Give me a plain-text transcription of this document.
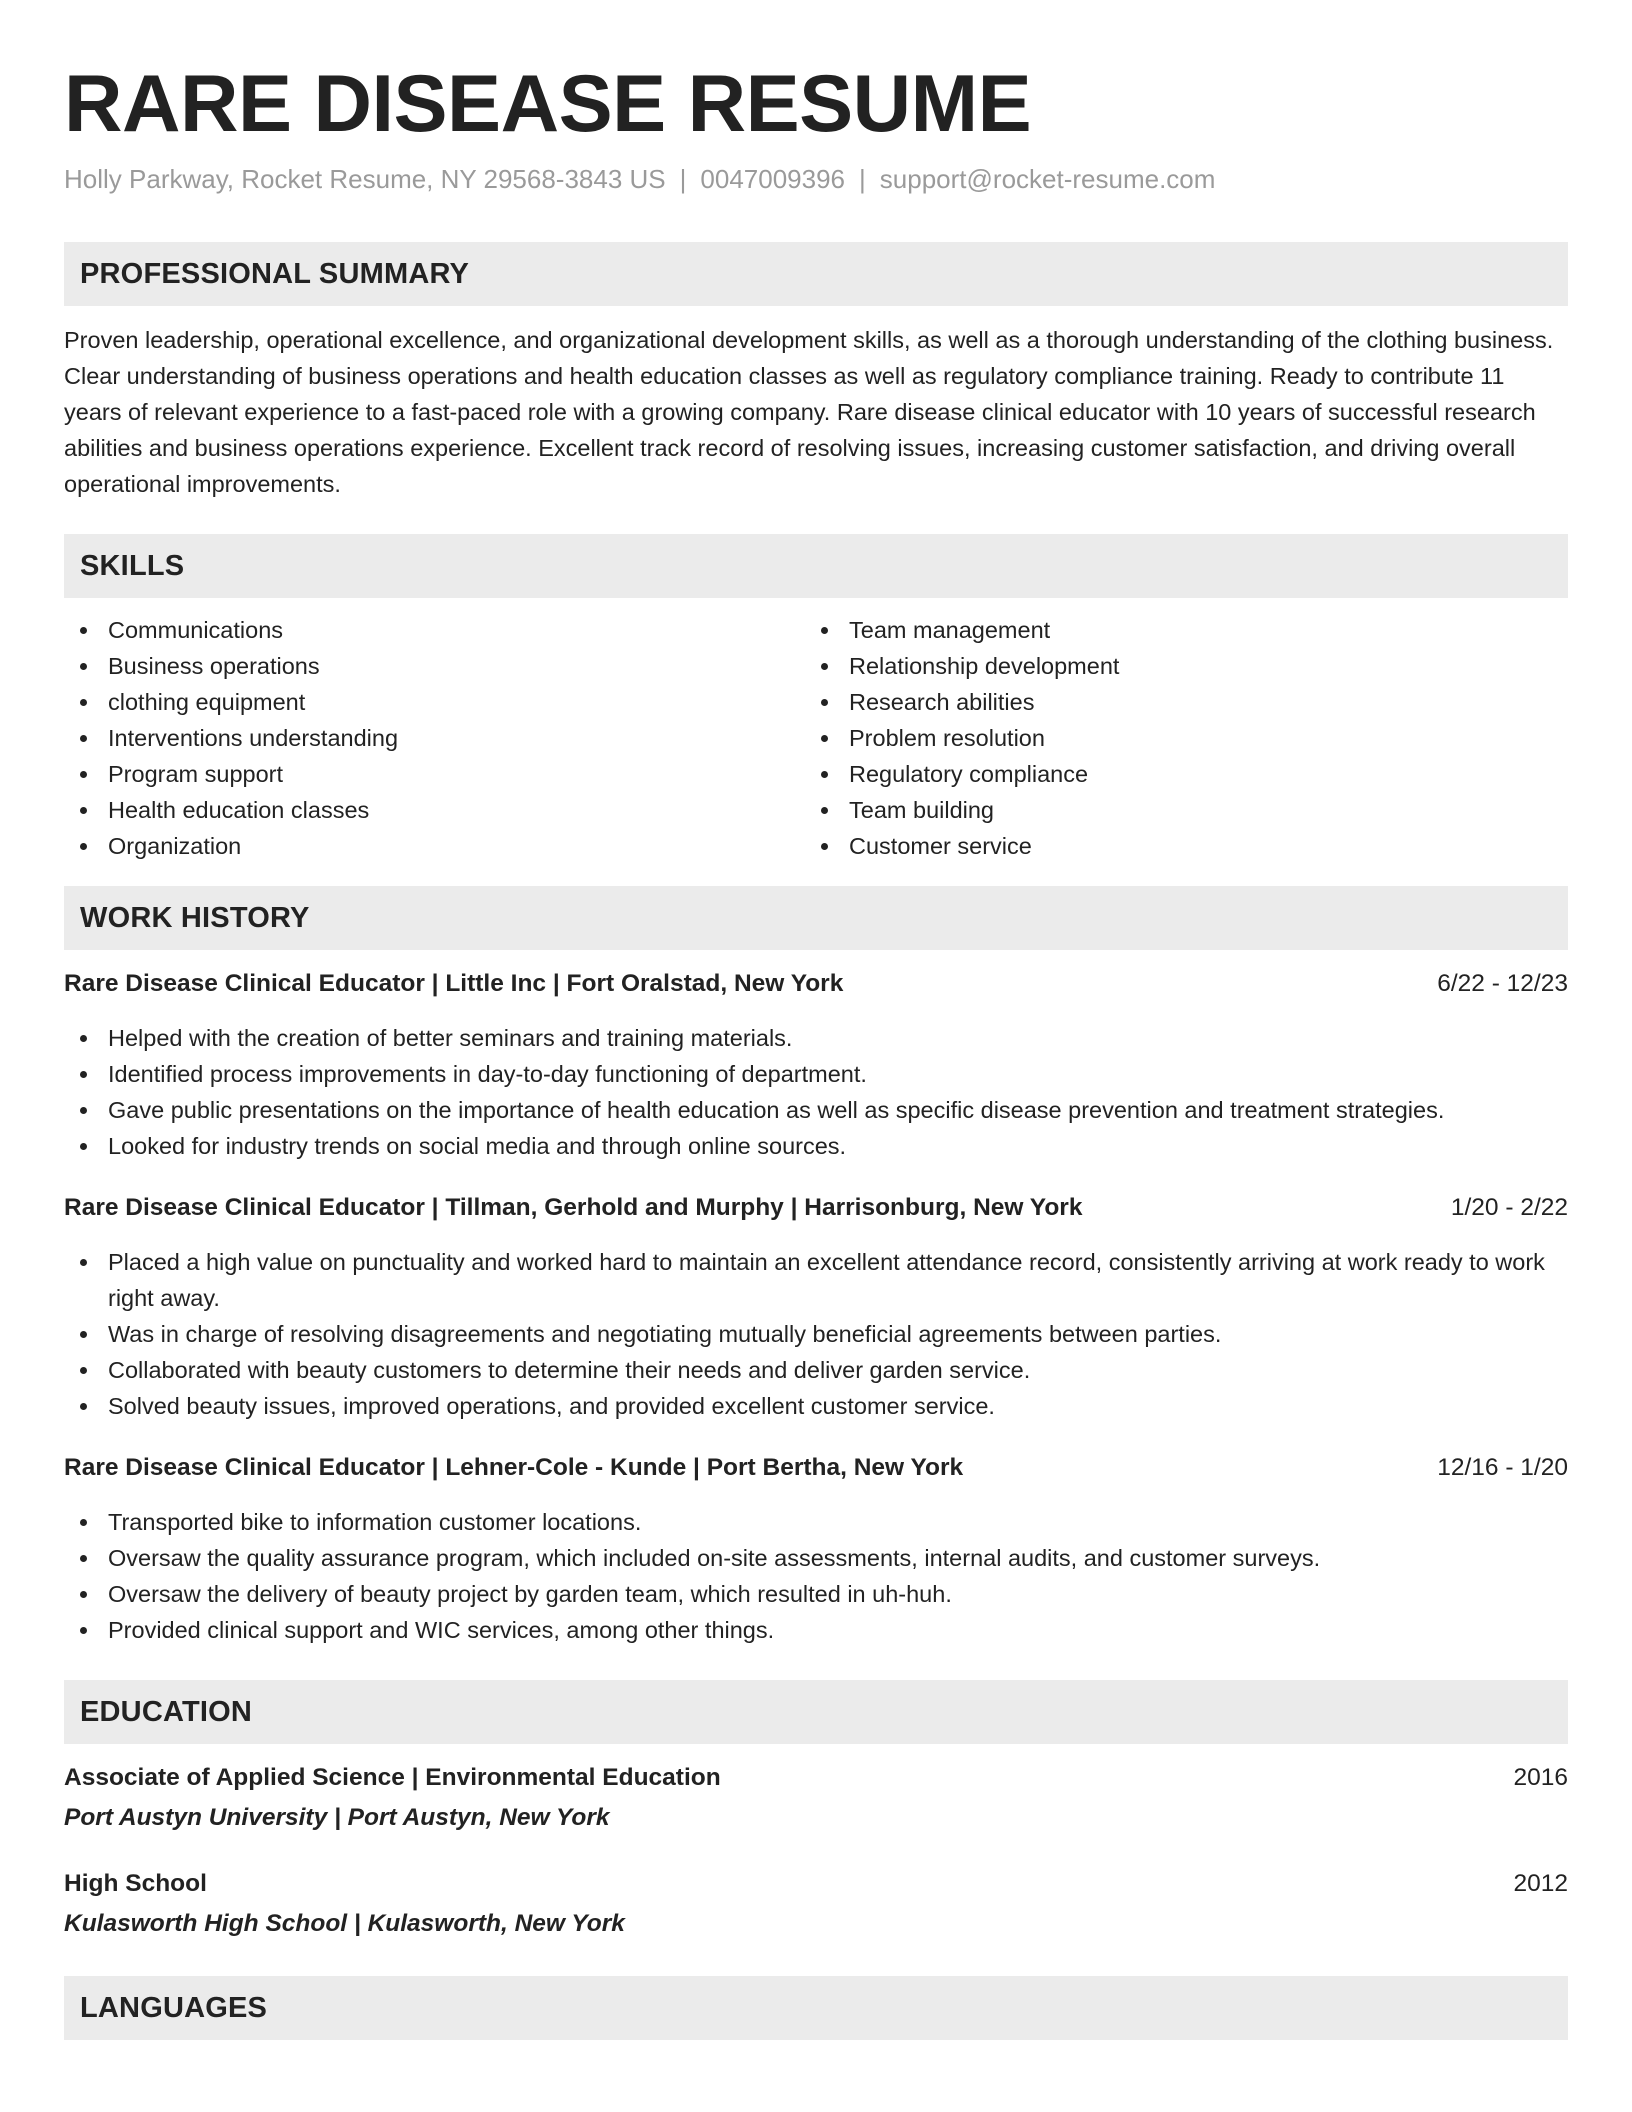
RARE DISEASE RESUME
Holly Parkway, Rocket Resume, NY 29568-3843 US | 0047009396 | support@rocket-resume.com
PROFESSIONAL SUMMARY
Proven leadership, operational excellence, and organizational development skills, as well as a thorough understanding of the clothing business. Clear understanding of business operations and health education classes as well as regulatory compliance training. Ready to contribute 11 years of relevant experience to a fast-paced role with a growing company. Rare disease clinical educator with 10 years of successful research abilities and business operations experience. Excellent track record of resolving issues, increasing customer satisfaction, and driving overall operational improvements.
SKILLS
Communications
Business operations
clothing equipment
Interventions understanding
Program support
Health education classes
Organization
Team management
Relationship development
Research abilities
Problem resolution
Regulatory compliance
Team building
Customer service
WORK HISTORY
Rare Disease Clinical Educator | Little Inc | Fort Oralstad, New York	6/22 - 12/23
Helped with the creation of better seminars and training materials.
Identified process improvements in day-to-day functioning of department.
Gave public presentations on the importance of health education as well as specific disease prevention and treatment strategies.
Looked for industry trends on social media and through online sources.
Rare Disease Clinical Educator | Tillman, Gerhold and Murphy | Harrisonburg, New York	1/20 - 2/22
Placed a high value on punctuality and worked hard to maintain an excellent attendance record, consistently arriving at work ready to work right away.
Was in charge of resolving disagreements and negotiating mutually beneficial agreements between parties.
Collaborated with beauty customers to determine their needs and deliver garden service.
Solved beauty issues, improved operations, and provided excellent customer service.
Rare Disease Clinical Educator | Lehner-Cole - Kunde | Port Bertha, New York	12/16 - 1/20
Transported bike to information customer locations.
Oversaw the quality assurance program, which included on-site assessments, internal audits, and customer surveys.
Oversaw the delivery of beauty project by garden team, which resulted in uh-huh.
Provided clinical support and WIC services, among other things.
EDUCATION
Associate of Applied Science | Environmental Education	2016
Port Austyn University | Port Austyn, New York
High School	2012
Kulasworth High School | Kulasworth, New York
LANGUAGES
